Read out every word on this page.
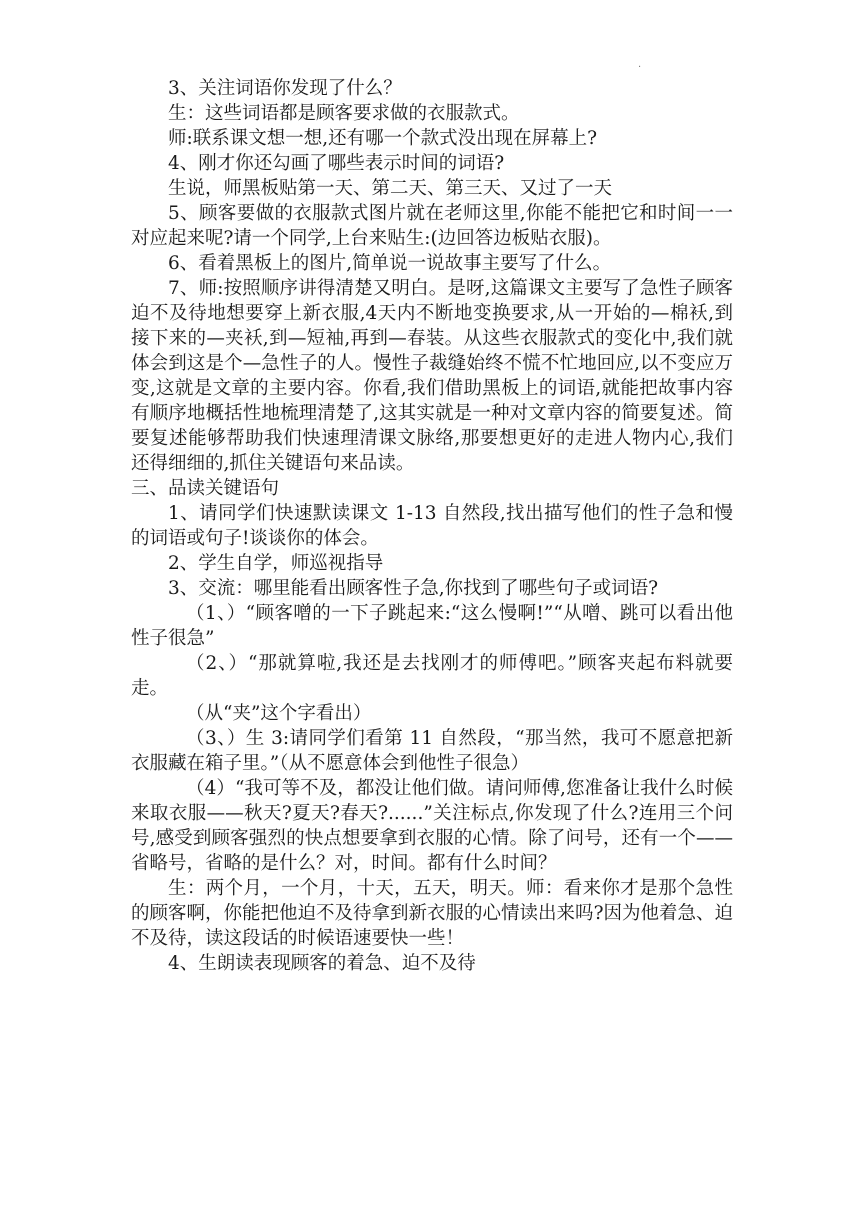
.

3、关注词语你发现了什么？

生：这些词语都是顾客要求做的衣服款式。

师:联系课文想一想,还有哪一个款式没出现在屏幕上?

4、刚才你还勾画了哪些表示时间的词语?

生说，师黑板贴第一天、第二天、第三天、又过了一天

5、顾客要做的衣服款式图片就在老师这里,你能不能把它和时间一一对应起来呢?请一个同学,上台来贴生:(边回答边板贴衣服)。

6、看着黑板上的图片,简单说一说故事主要写了什么。

7、师:按照顺序讲得清楚又明白。是呀,这篇课文主要写了急性子顾客迫不及待地想要穿上新衣服,4天内不断地变换要求,从一开始的—棉袄,到接下来的—夹袄,到—短袖,再到—春装。从这些衣服款式的变化中,我们就体会到这是个—急性子的人。慢性子裁缝始终不慌不忙地回应,以不变应万变,这就是文章的主要内容。你看,我们借助黑板上的词语,就能把故事内容有顺序地概括性地梳理清楚了,这其实就是一种对文章内容的简要复述。简要复述能够帮助我们快速理清课文脉络,那要想更好的走进人物内心,我们还得细细的,抓住关键语句来品读。

三、品读关键语句

1、请同学们快速默读课文 1-13 自然段,找出描写他们的性子急和慢的词语或句子!谈谈你的体会。

2、学生自学，师巡视指导

3、交流：哪里能看出顾客性子急,你找到了哪些句子或词语?

（1、）“顾客噌的一下子跳起来:“这么慢啊!”“从噌、跳可以看出他性子很急”

（2、）“那就算啦,我还是去找刚才的师傅吧。”顾客夹起布料就要走。

（从“夹”这个字看出）

（3、）生 3:请同学们看第 11 自然段，“那当然，我可不愿意把新衣服藏在箱子里。”（从不愿意体会到他性子很急）

（4）“我可等不及，都没让他们做。请问师傅,您准备让我什么时候来取衣服——秋天?夏天?春天?......”关注标点,你发现了什么?连用三个问号,感受到顾客强烈的快点想要拿到衣服的心情。除了问号，还有一个——省略号，省略的是什么？对，时间。都有什么时间？

生：两个月，一个月，十天，五天，明天。师：看来你才是那个急性的顾客啊，你能把他迫不及待拿到新衣服的心情读出来吗?因为他着急、迫不及待，读这段话的时候语速要快一些！

4、生朗读表现顾客的着急、迫不及待
